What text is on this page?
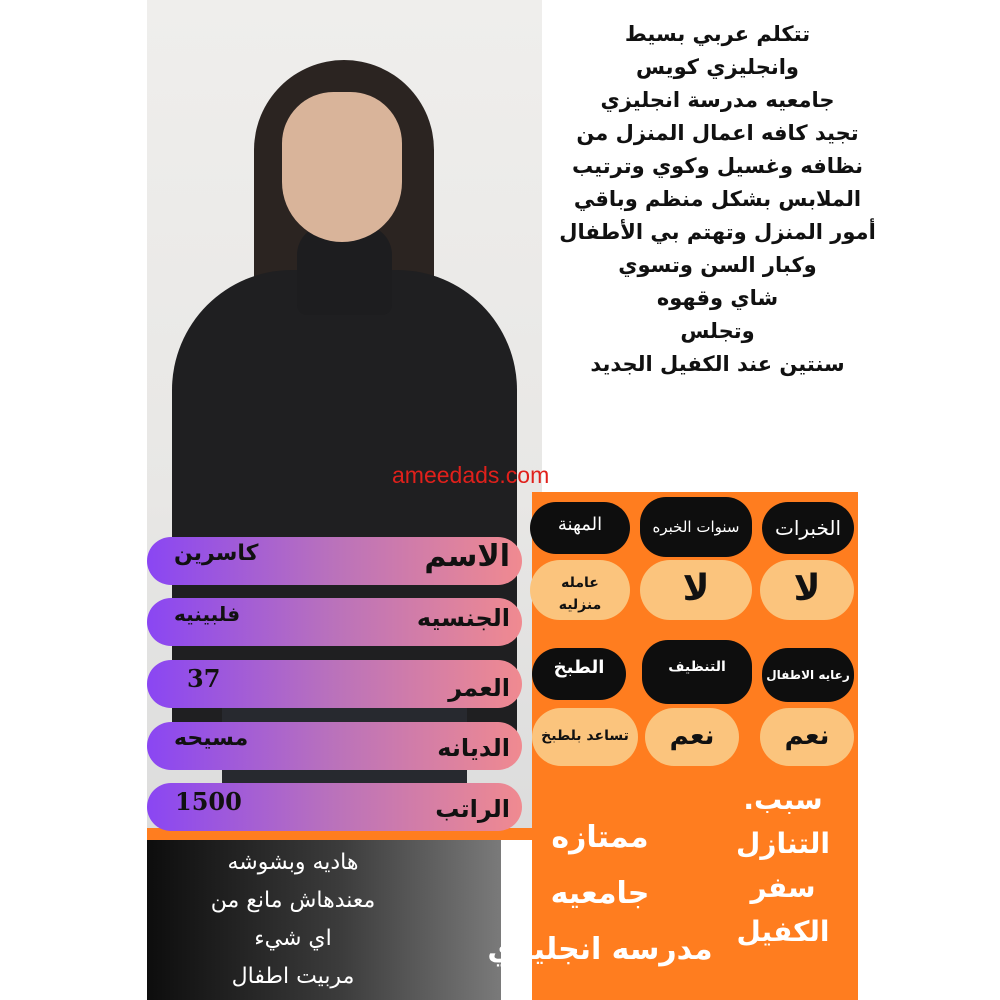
تتكلم عربي بسيط
وانجليزي كويس
جامعيه مدرسة انجليزي
تجيد كافه اعمال المنزل من
نظافه وغسيل وكوي وترتيب
الملابس بشكل منظم وباقي
أمور المنزل وتهتم بي الأطفال
وكبار السن وتسوي
شاي وقهوه
وتجلس
سنتين عند الكفيل الجديد
ameedads.com
الاسم
كاسرين
الجنسيه
فلبينيه
العمر
37
الديانه
مسيحه
الراتب
1500
هاديه وبشوشه
معندهاش مانع من
اي شيء
مربيت اطفال
المهنة	سنوات الخبره	الخبرات
عامله
منزليه	لا	لا
الطبخ	التنظيف	رعايه الاطفال
تساعد بلطبخ	نعم	نعم
سبب.
التنازل
سفر
الكفيل
ممتازه
جامعيه
مدرسه انجليزي
